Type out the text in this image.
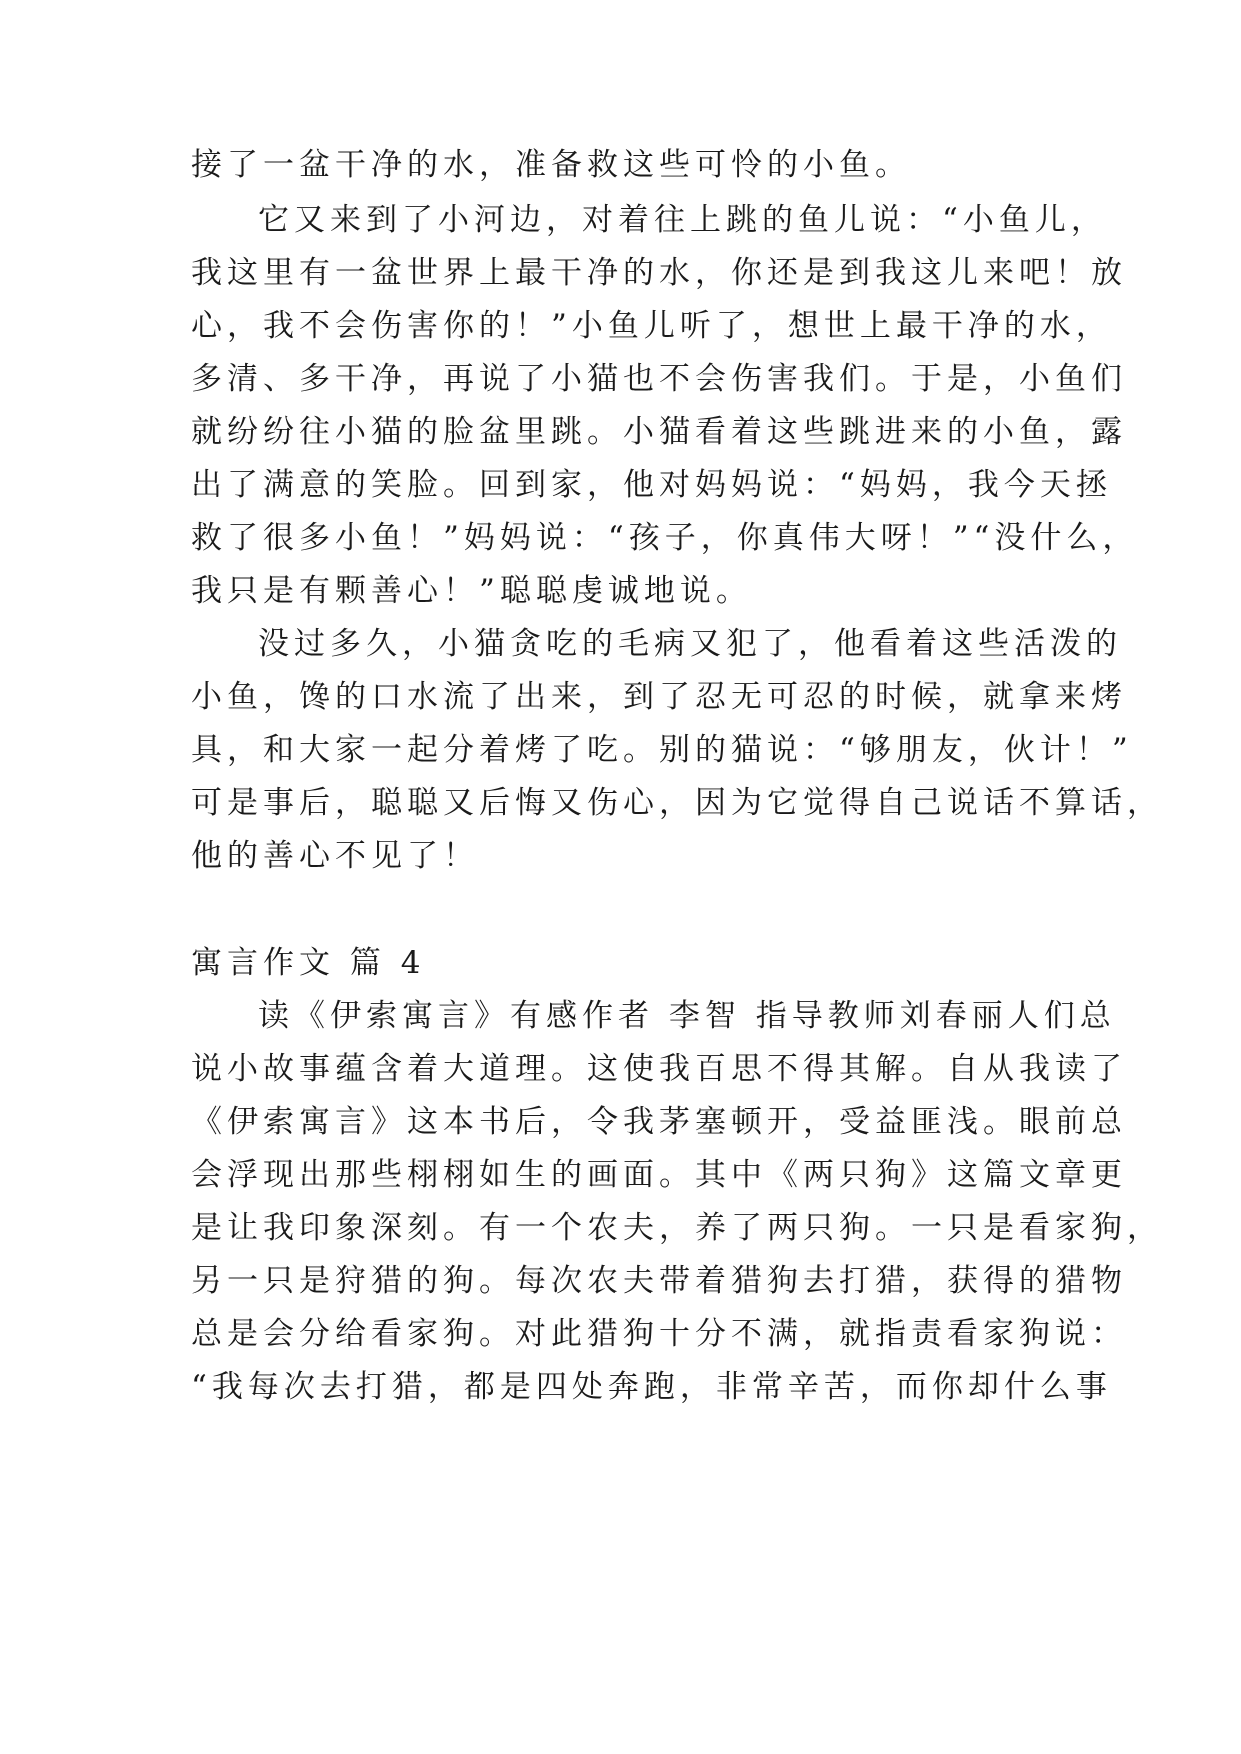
接了一盆干净的水，准备救这些可怜的小鱼。
它又来到了小河边，对着往上跳的鱼儿说：“小鱼儿，
我这里有一盆世界上最干净的水，你还是到我这儿来吧！放
心，我不会伤害你的！”小鱼儿听了，想世上最干净的水，
多清、多干净，再说了小猫也不会伤害我们。于是，小鱼们
就纷纷往小猫的脸盆里跳。小猫看着这些跳进来的小鱼，露
出了满意的笑脸。回到家，他对妈妈说：“妈妈，我今天拯
救了很多小鱼！”妈妈说：“孩子，你真伟大呀！”“没什么，
我只是有颗善心！”聪聪虔诚地说。
没过多久，小猫贪吃的毛病又犯了，他看着这些活泼的
小鱼，馋的口水流了出来，到了忍无可忍的时候，就拿来烤
具，和大家一起分着烤了吃。别的猫说：“够朋友，伙计！”
可是事后，聪聪又后悔又伤心，因为它觉得自己说话不算话，
他的善心不见了！
寓言作文 篇 4
读《伊索寓言》有感作者 李智 指导教师刘春丽人们总
说小故事蕴含着大道理。这使我百思不得其解。自从我读了
《伊索寓言》这本书后，令我茅塞顿开，受益匪浅。眼前总
会浮现出那些栩栩如生的画面。其中《两只狗》这篇文章更
是让我印象深刻。有一个农夫，养了两只狗。一只是看家狗，
另一只是狩猎的狗。每次农夫带着猎狗去打猎，获得的猎物
总是会分给看家狗。对此猎狗十分不满，就指责看家狗说：
“我每次去打猎，都是四处奔跑，非常辛苦，而你却什么事
